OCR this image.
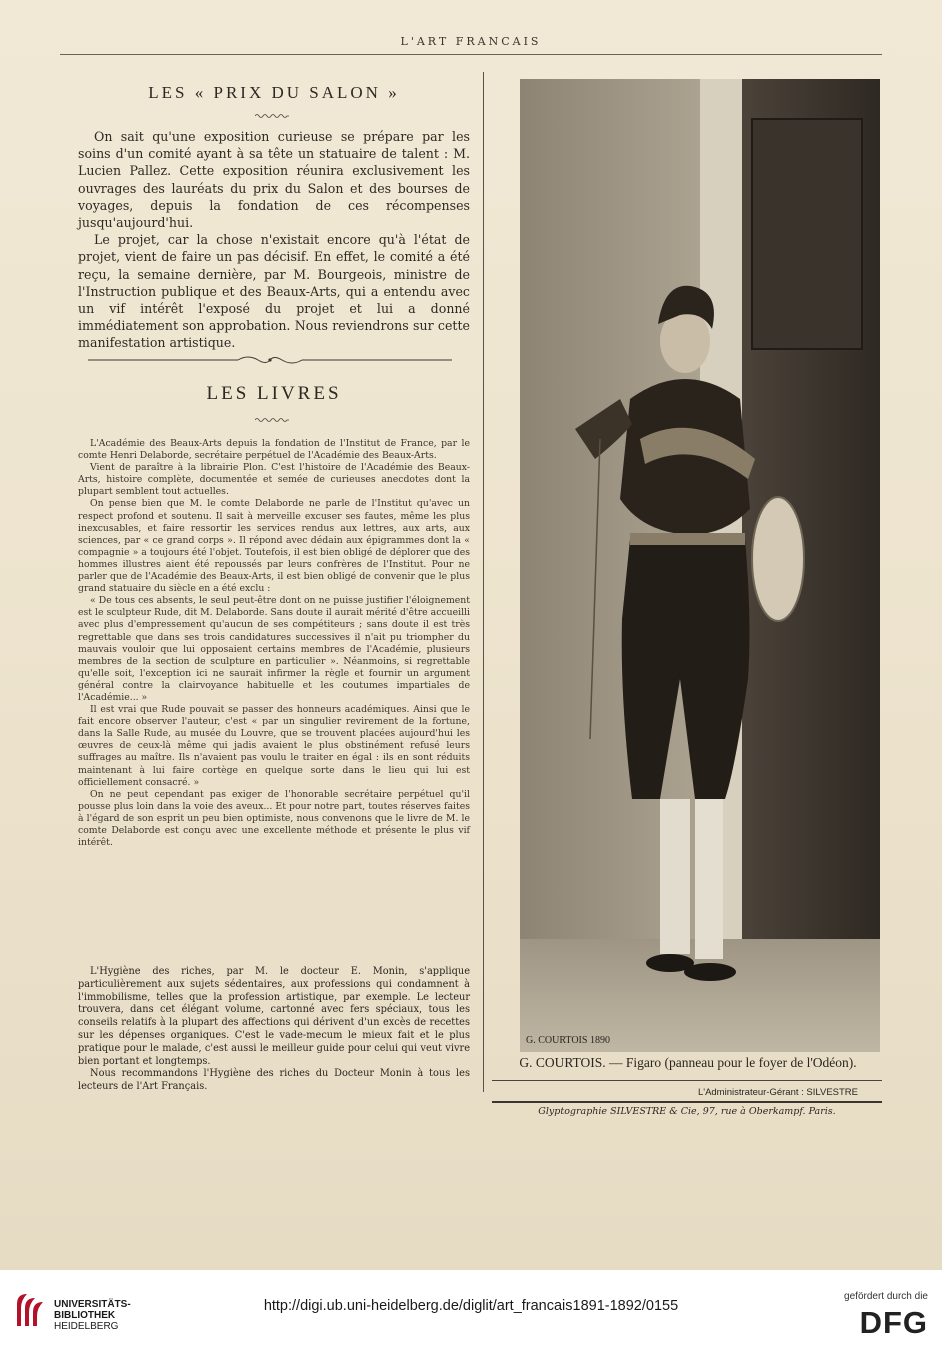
L'ART FRANCAIS
LES « PRIX DU SALON »

On sait qu'une exposition curieuse se prépare par les soins d'un comité ayant à sa tête un statuaire de talent : M. Lucien Pallez. Cette exposition réunira exclusivement les ouvrages des lauréats du prix du Salon et des bourses de voyages, depuis la fondation de ces récompenses jusqu'aujourd'hui.

Le projet, car la chose n'existait encore qu'à l'état de projet, vient de faire un pas décisif. En effet, le comité a été reçu, la semaine dernière, par M. Bourgeois, ministre de l'Instruction publique et des Beaux-Arts, qui a entendu avec un vif intérêt l'exposé du projet et lui a donné immédiatement son approbation. Nous reviendrons sur cette manifestation artistique.

LES LIVRES

L'Académie des Beaux-Arts depuis la fondation de l'Institut de France, par le comte Henri Delaborde, secrétaire perpétuel de l'Académie des Beaux-Arts.

Vient de paraître à la librairie Plon. C'est l'histoire de l'Académie des Beaux-Arts, histoire complète, documentée et semée de curieuses anecdotes dont la plupart semblent tout actuelles.

On pense bien que M. le comte Delaborde ne parle de l'Institut qu'avec un respect profond et soutenu. Il sait à merveille excuser ses fautes, même les plus inexcusables, et faire ressortir les services rendus aux lettres, aux arts, aux sciences, par « ce grand corps ». Il répond avec dédain aux épigrammes dont la « compagnie » a toujours été l'objet. Toutefois, il est bien obligé de déplorer que des hommes illustres aient été repoussés par leurs confrères de l'Institut. Pour ne parler que de l'Académie des Beaux-Arts, il est bien obligé de convenir que le plus grand statuaire du siècle en a été exclu :

« De tous ces absents, le seul peut-être dont on ne puisse justifier l'éloignement est le sculpteur Rude, dit M. Delaborde. Sans doute il aurait mérité d'être accueilli avec plus d'empressement qu'aucun de ses compétiteurs ; sans doute il est très regrettable que dans ses trois candidatures successives il n'ait pu triompher du mauvais vouloir que lui opposaient certains membres de l'Académie, plusieurs membres de la section de sculpture en particulier ». Néanmoins, si regrettable qu'elle soit, l'exception ici ne saurait infirmer la règle et fournir un argument général contre la clairvoyance habituelle et les coutumes impartiales de l'Académie... »

Il est vrai que Rude pouvait se passer des honneurs académiques. Ainsi que le fait encore observer l'auteur, c'est « par un singulier revirement de la fortune, dans la Salle Rude, au musée du Louvre, que se trouvent placées aujourd'hui les œuvres de ceux-là même qui jadis avaient le plus obstinément refusé leurs suffrages au maître. Ils n'avaient pas voulu le traiter en égal : ils en sont réduits maintenant à lui faire cortège en quelque sorte dans le lieu qui lui est officiellement consacré. »

On ne peut cependant pas exiger de l'honorable secrétaire perpétuel qu'il pousse plus loin dans la voie des aveux... Et pour notre part, toutes réserves faites à l'égard de son esprit un peu bien optimiste, nous convenons que le livre de M. le comte Delaborde est conçu avec une excellente méthode et présente le plus vif intérêt.

L'Hygiène des riches, par M. le docteur E. Monin, s'applique particulièrement aux sujets sédentaires, aux professions qui condamnent à l'immobilisme, telles que la profession artistique, par exemple. Le lecteur trouvera, dans cet élégant volume, cartonné avec fers spéciaux, tous les conseils relatifs à la plupart des affections qui dérivent d'un excès de recettes sur les dépenses organiques. C'est le vade-mecum le mieux fait et le plus pratique pour le malade, c'est aussi le meilleur guide pour celui qui veut vivre bien portant et longtemps.

Nous recommandons l'Hygiène des riches du Docteur Monin à tous les lecteurs de l'Art Français.

G. COURTOIS 1890
G. COURTOIS. — Figaro (panneau pour le foyer de l'Odéon).
L'Administrateur-Gérant : SILVESTRE
Glyptographie SILVESTRE & Cie, 97, rue à Oberkampf. Paris.
UNIVERSITÄTS-
BIBLIOTHEK
HEIDELBERG
http://digi.ub.uni-heidelberg.de/diglit/art_francais1891-1892/0155
gefördert durch die
DFG
